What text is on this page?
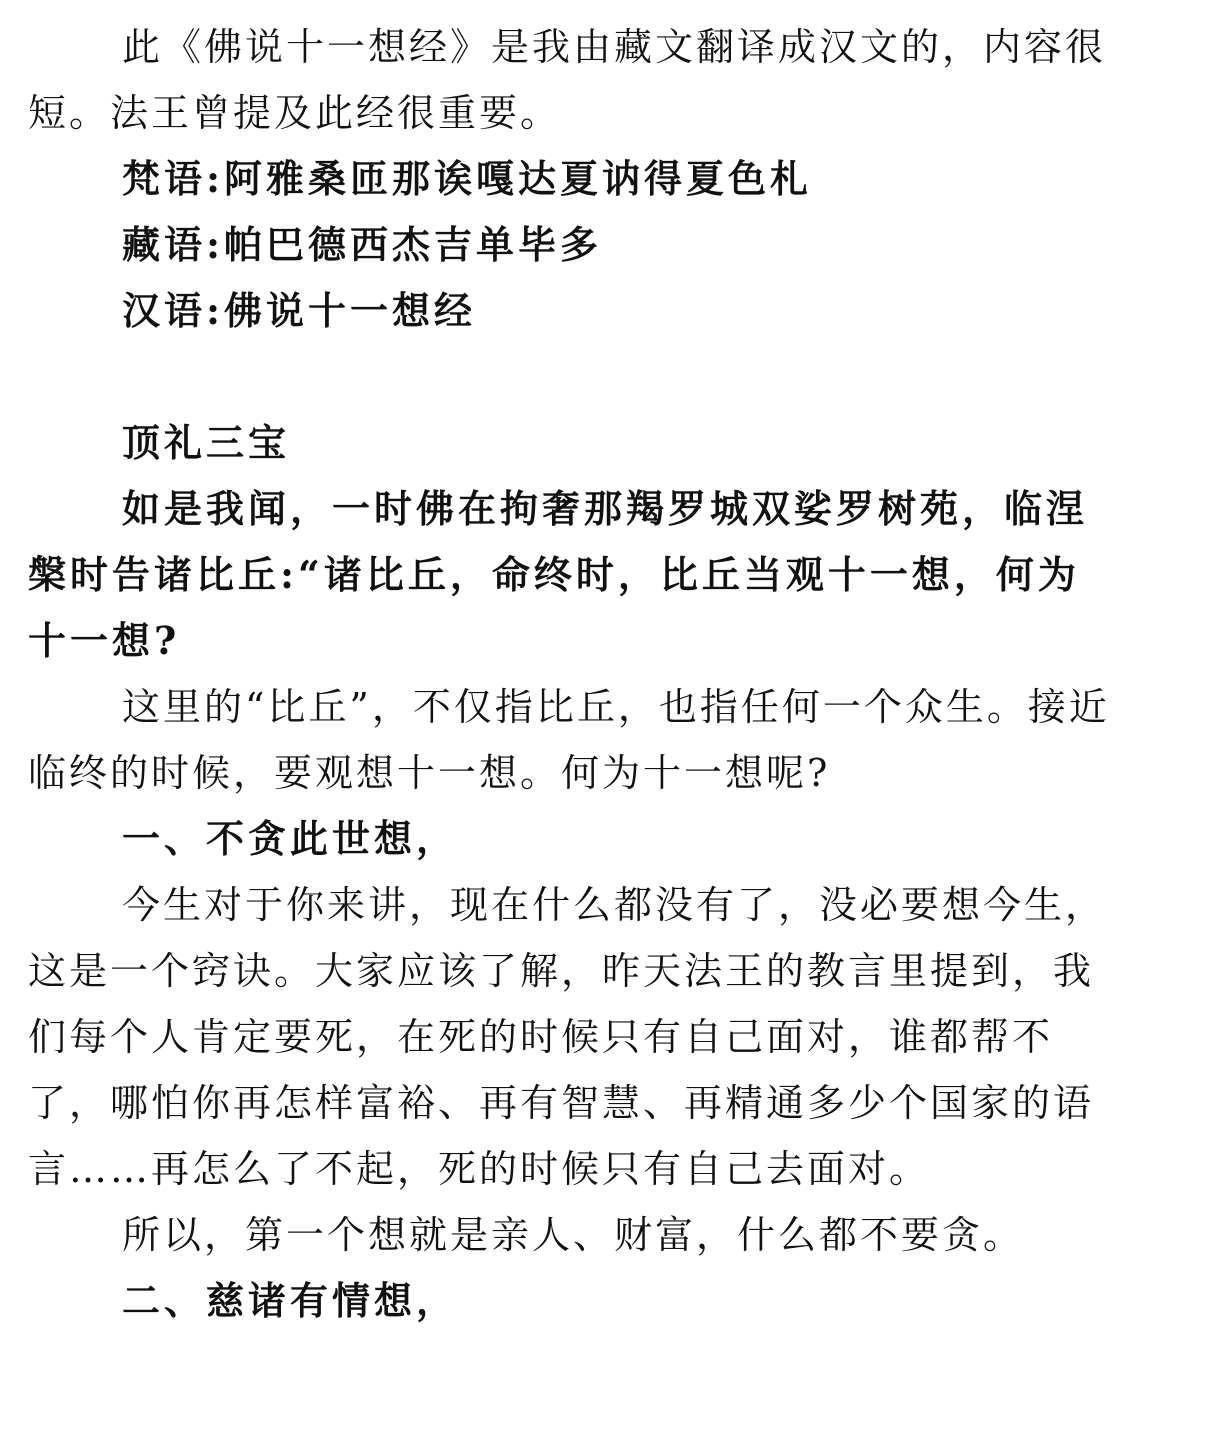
此《佛说十一想经》是我由藏文翻译成汉文的，内容很短。法王曾提及此经很重要。

梵语:阿雅桑匝那诶嘎达夏讷得夏色札

藏语:帕巴德西杰吉单毕多

汉语:佛说十一想经

顶礼三宝

如是我闻，一时佛在拘奢那羯罗城双娑罗树苑，临涅槃时告诸比丘:“诸比丘，命终时，比丘当观十一想，何为十一想?

这里的“比丘”，不仅指比丘，也指任何一个众生。接近临终的时候，要观想十一想。何为十一想呢?

一、不贪此世想，

今生对于你来讲，现在什么都没有了，没必要想今生，这是一个窍诀。大家应该了解，昨天法王的教言里提到，我们每个人肯定要死，在死的时候只有自己面对，谁都帮不了，哪怕你再怎样富裕、再有智慧、再精通多少个国家的语言……再怎么了不起，死的时候只有自己去面对。

所以，第一个想就是亲人、财富，什么都不要贪。

二、慈诸有情想，
